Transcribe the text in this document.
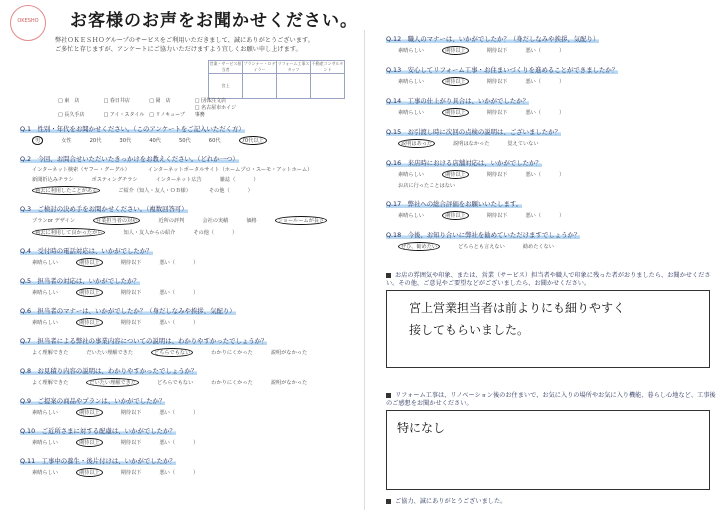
OKESHO	お客様のお声をお聞かせください。
弊社ＯＫＥＳＨＯグループのサービスをご利用いただきまして、誠にありがとうございます。
ご多忙と存じますが、アンケートにご協力いただけますよう宜しくお願い申し上げます。
営業・サービス担当者	プランナー・ロデイラー	リフォーム工事スタッフ	不動産コンサルタント
宮上			
□ 東　店	□ 春日井店	□ 岡　店	□ 団体注文店
□ 長久手店	□ アイ・スタイル □ リノキューブ □ 名古屋市ホイジ事務
Q.1　性別・年代をお聞かせください。（このアンケートをご記入いただく方）
男	女性	20代	30代	40代	50代	60代	70代以上
Q.2　今回、お問合せいただいたきっかけをお教えください。（どれか一つ）
インターネット検索（ヤフー・グーグル）	インターネットポータルサイト（ホームプロ・スーモ・アットホーム）
新聞折込みチラシ	ポスティングチラシ	インターネット広告	雑誌（	）
過去に利用したことがある	ご紹介（知人・友人・ＯＢ様）	その他（	）
Q.3　ご検討の決め手をお聞かせください。（複数回答可）
プランor デザイン	営業担当者の対応	近所の評判	会社の実績	価格	ショールームが長さ
過去に利用して良かったから	知人・友人からの紹介	その他（	）
Q.4　受付時の電話対応は、いかがでしたか？
素晴らしい	期待以上	期待以下	悪い（	）
Q.5　担当者の対応は、いかがでしたか？
素晴らしい	期待以上	期待以下	悪い（	）
Q.6　担当者のマナーは、いかがでしたか？（身だしなみや挨拶、気配り）
素晴らしい	期待以上	期待以下	悪い（	）
Q.7　担当者による弊社の事業内容についての説明は、わかりやすかったでしょうか？
よく理解できた	だいたい理解できた	どちらでもない	わかりにくかった	説明がなかった
Q.8　お見積り内容の説明は、わかりやすかったでしょうか？
よく理解できた	だいたい理解できた	どちらでもない	わかりにくかった	説明がなかった
Q.9　ご提案の商品やプランは、いかがでしたか？
素晴らしい	期待以上	期待以下	悪い（	）
Q.10　ご近所さまに対する配慮は、いかがでしたか？
素晴らしい	期待以上	期待以下	悪い（	）
Q.11　工事中の養生・後片付けは、いかがでしたか？
素晴らしい	期待以上	期待以下	悪い（	）
Q.12　職人のマナーは、いかがでしたか？（身だしなみや挨拶、気配り）
素晴らしい	期待以上	期待以下	悪い（	）
Q.13　安心してリフォーム工事・お住まいづくりを進めることができましたか？
素晴らしい	期待以上	期待以下	悪い（	）
Q.14　工事の仕上がり具合は、いかがでしたか？
素晴らしい	期待以上	期待以下	悪い（	）
Q.15　お引渡し時に次回の点検の説明は、ございましたか？
説明はあった	説明はなかった	覚えていない
Q.16　来店時における店舗対応は、いかがでしたか？
素晴らしい	期待以上	期待以下	悪い（	）
お店に行ったことはない
Q.17　弊社への総合評価をお願いいたします。
素晴らしい	期待以上	期待以下	悪い（	）
Q.18　今後、お知り合いに弊社を勧めていただけますでしょうか？
ぜひ、勧めたい	どちらとも言えない	勧めたくない
お店の雰囲気や印象、または、営業（サービス）担当者や職人で印象に残った者がおりましたら、お聞かせください。その他、ご意見やご要望などがございましたら、お聞かせください。
宮上営業担当者は前よりにも細りやすく
接してもらいました。
リフォーム工事は、リノベーション後のお住まいで、お気に入りの場所やお気に入り機能、暮らし心地など、工事後のご感想をお聞かせください。
特になし
ご協力、誠にありがとうございました。
